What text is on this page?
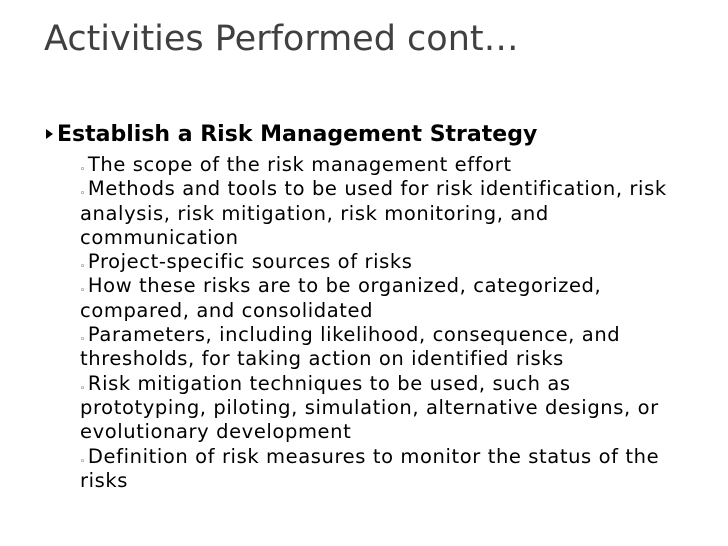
Activities Performed cont…
Establish a Risk Management Strategy

◦ The scope of the risk management effort

◦ Methods and tools to be used for risk identification, risk analysis, risk mitigation, risk monitoring, and communication

◦ Project-specific sources of risks

◦ How these risks are to be organized, categorized, compared, and consolidated

◦ Parameters, including likelihood, consequence, and thresholds, for taking action on identified risks

◦ Risk mitigation techniques to be used, such as prototyping, piloting, simulation, alternative designs, or evolutionary development

◦ Definition of risk measures to monitor the status of the risks
